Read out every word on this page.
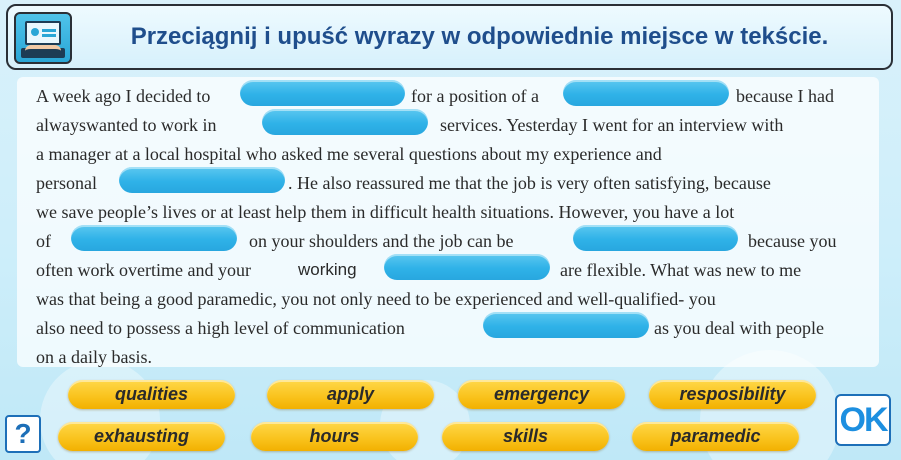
Przeciągnij i upuść wyrazy w odpowiednie miejsce w tekście.
A week ago I decided to	for a position of a	because I had
alwayswanted to work in	services. Yesterday I went for an interview with
a manager at a local hospital who asked me several questions about my experience and
personal	. He also reassured me that the job is very often satisfying, because
we save people’s lives or at least help them in difficult health situations. However, you have a lot
of	on your shoulders and the job can be	because you
often work overtime and your	working	are flexible. What was new to me
was that being a good paramedic, you not only need to be experienced and well-qualified- you
also need to possess a high level of communication	as you deal with people
on a daily basis.
qualities	apply	emergency	resposibility
exhausting	hours	skills	paramedic
?	OK
